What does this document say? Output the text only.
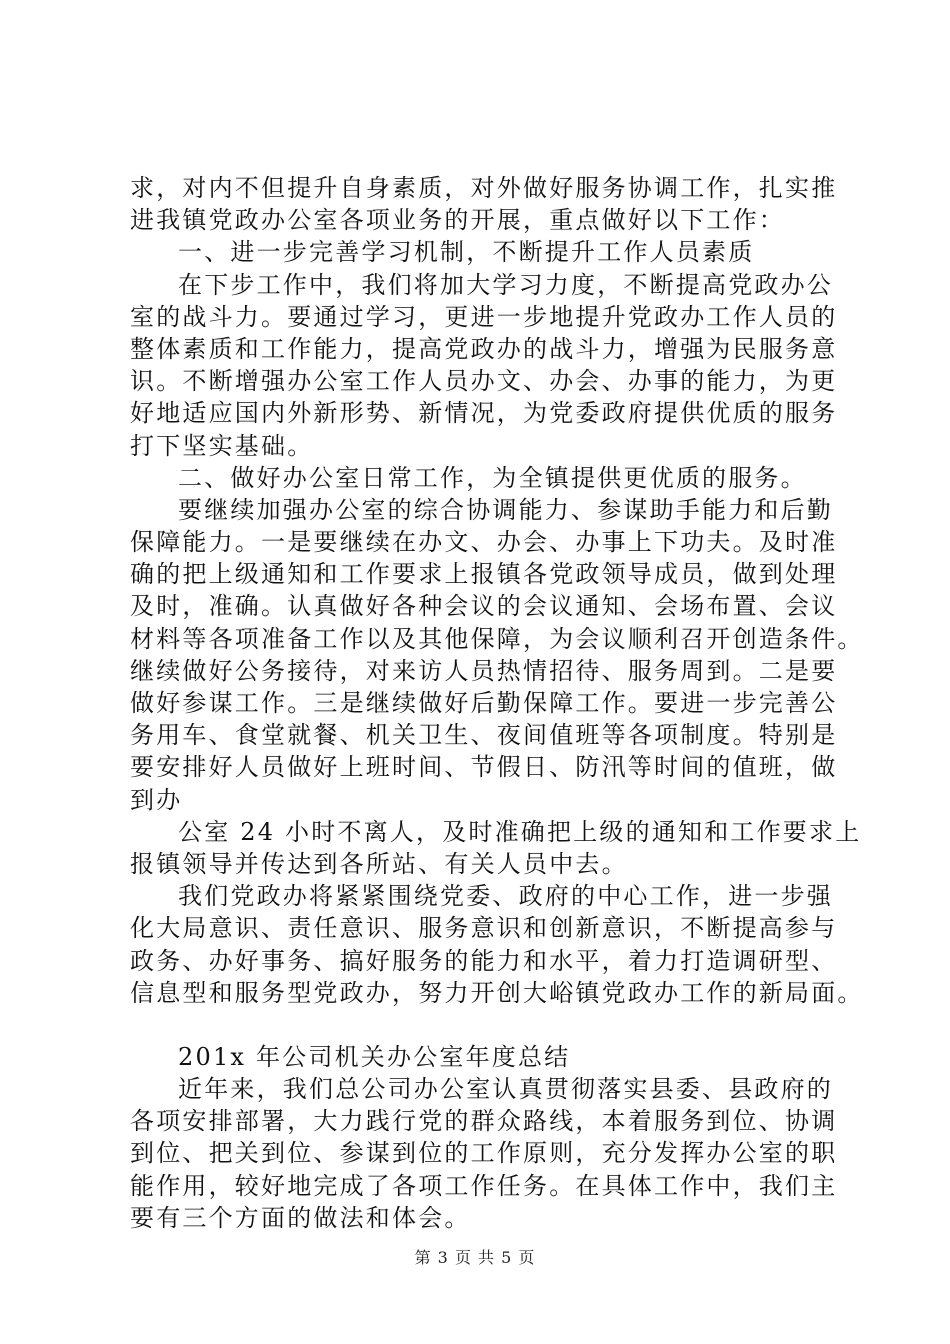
求，对内不但提升自身素质，对外做好服务协调工作，扎实推
进我镇党政办公室各项业务的开展，重点做好以下工作：
一、进一步完善学习机制，不断提升工作人员素质
在下步工作中，我们将加大学习力度，不断提高党政办公
室的战斗力。要通过学习，更进一步地提升党政办工作人员的
整体素质和工作能力，提高党政办的战斗力，增强为民服务意
识。不断增强办公室工作人员办文、办会、办事的能力，为更
好地适应国内外新形势、新情况，为党委政府提供优质的服务
打下坚实基础。
二、做好办公室日常工作，为全镇提供更优质的服务。
要继续加强办公室的综合协调能力、参谋助手能力和后勤
保障能力。一是要继续在办文、办会、办事上下功夫。及时准
确的把上级通知和工作要求上报镇各党政领导成员，做到处理
及时，准确。认真做好各种会议的会议通知、会场布置、会议
材料等各项准备工作以及其他保障，为会议顺利召开创造条件。
继续做好公务接待，对来访人员热情招待、服务周到。二是要
做好参谋工作。三是继续做好后勤保障工作。要进一步完善公
务用车、食堂就餐、机关卫生、夜间值班等各项制度。特别是
要安排好人员做好上班时间、节假日、防汛等时间的值班，做
到办
公室 24 小时不离人，及时准确把上级的通知和工作要求上
报镇领导并传达到各所站、有关人员中去。
我们党政办将紧紧围绕党委、政府的中心工作，进一步强
化大局意识、责任意识、服务意识和创新意识，不断提高参与
政务、办好事务、搞好服务的能力和水平，着力打造调研型、
信息型和服务型党政办，努力开创大峪镇党政办工作的新局面。
201x 年公司机关办公室年度总结
近年来，我们总公司办公室认真贯彻落实县委、县政府的
各项安排部署，大力践行党的群众路线，本着服务到位、协调
到位、把关到位、参谋到位的工作原则，充分发挥办公室的职
能作用，较好地完成了各项工作任务。在具体工作中，我们主
要有三个方面的做法和体会。
第 3 页 共 5 页
